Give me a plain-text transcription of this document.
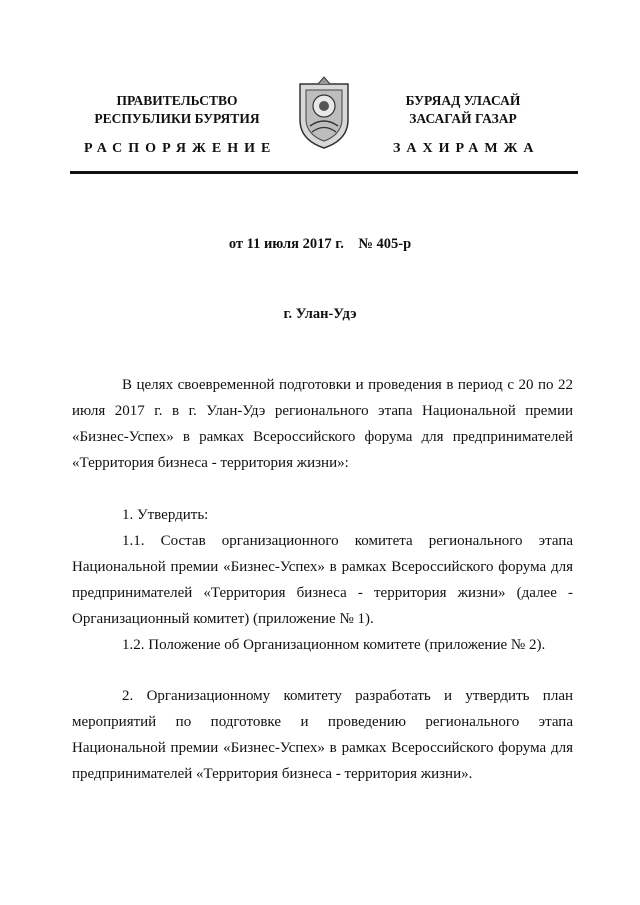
ПРАВИТЕЛЬСТВО
РЕСПУБЛИКИ БУРЯТИЯ
БУРЯАД УЛАСАЙ
ЗАСАГАЙ ГАЗАР
РАСПОРЯЖЕНИЕ	ЗАХИРАМЖА
от 11 июля 2017 г.    № 405-р
г. Улан-Удэ

В целях своевременной подготовки и проведения в период с 20 по 22 июля 2017 г. в г. Улан-Удэ регионального этапа Национальной премии «Бизнес-Успех» в рамках Всероссийского форума для предпринимателей «Территория бизнеса - территория жизни»:

1. Утвердить:

1.1. Состав организационного комитета регионального этапа Национальной премии «Бизнес-Успех» в рамках Всероссийского форума для предпринимателей «Территория бизнеса - территория жизни» (далее - Организационный комитет) (приложение № 1).

1.2. Положение об Организационном комитете (приложение № 2).

2. Организационному комитету разработать и утвердить план мероприятий по подготовке и проведению регионального этапа Национальной премии «Бизнес-Успех» в рамках Всероссийского форума для предпринимателей «Территория бизнеса - территория жизни».
